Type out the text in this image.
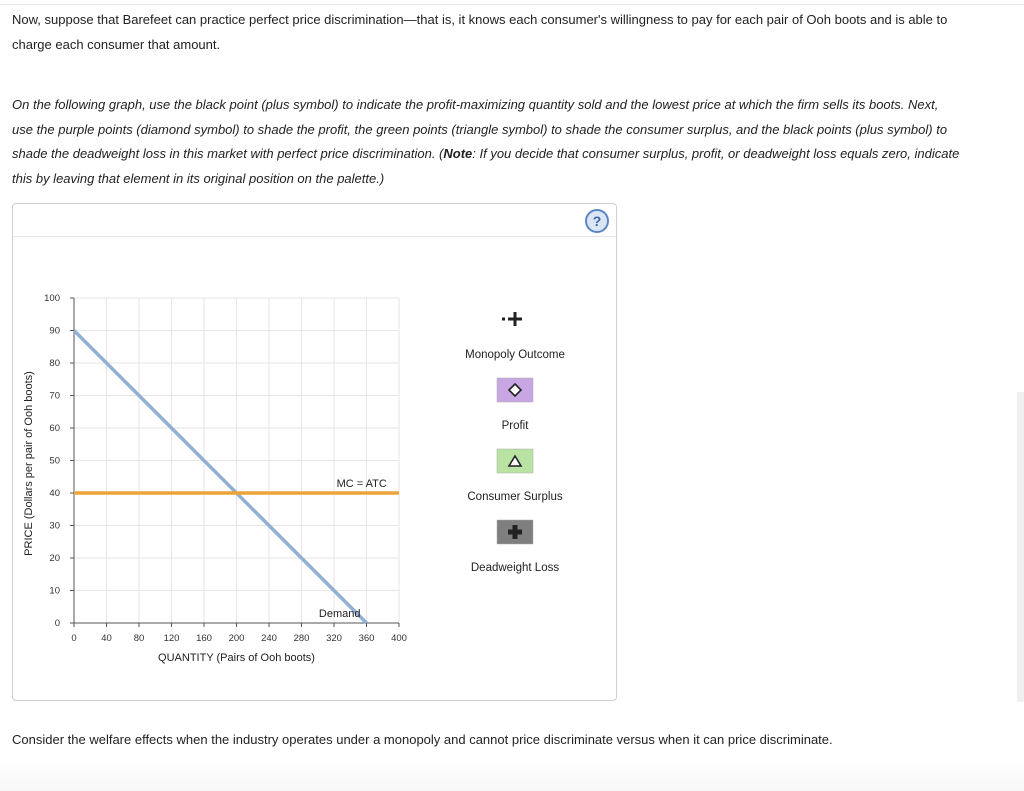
Now, suppose that Barefeet can practice perfect price discrimination—that is, it knows each consumer's willingness to pay for each pair of Ooh boots and is able to charge each consumer that amount.
On the following graph, use the black point (plus symbol) to indicate the profit-maximizing quantity sold and the lowest price at which the firm sells its boots. Next, use the purple points (diamond symbol) to shade the profit, the green points (triangle symbol) to shade the consumer surplus, and the black points (plus symbol) to shade the deadweight loss in this market with perfect price discrimination. (Note: If you decide that consumer surplus, profit, or deadweight loss equals zero, indicate this by leaving that element in its original position on the palette.)
?
0
10
20
30
40
50
60
70
80
90
100
0	40 80 120 160 200 240 280 320 360 400
MC = ATC
Demand
QUANTITY (Pairs of Ooh boots)
PRICE (Dollars per pair of Ooh boots)
Monopoly Outcome
Profit
Consumer Surplus
Deadweight Loss
Consider the welfare effects when the industry operates under a monopoly and cannot price discriminate versus when it can price discriminate.
